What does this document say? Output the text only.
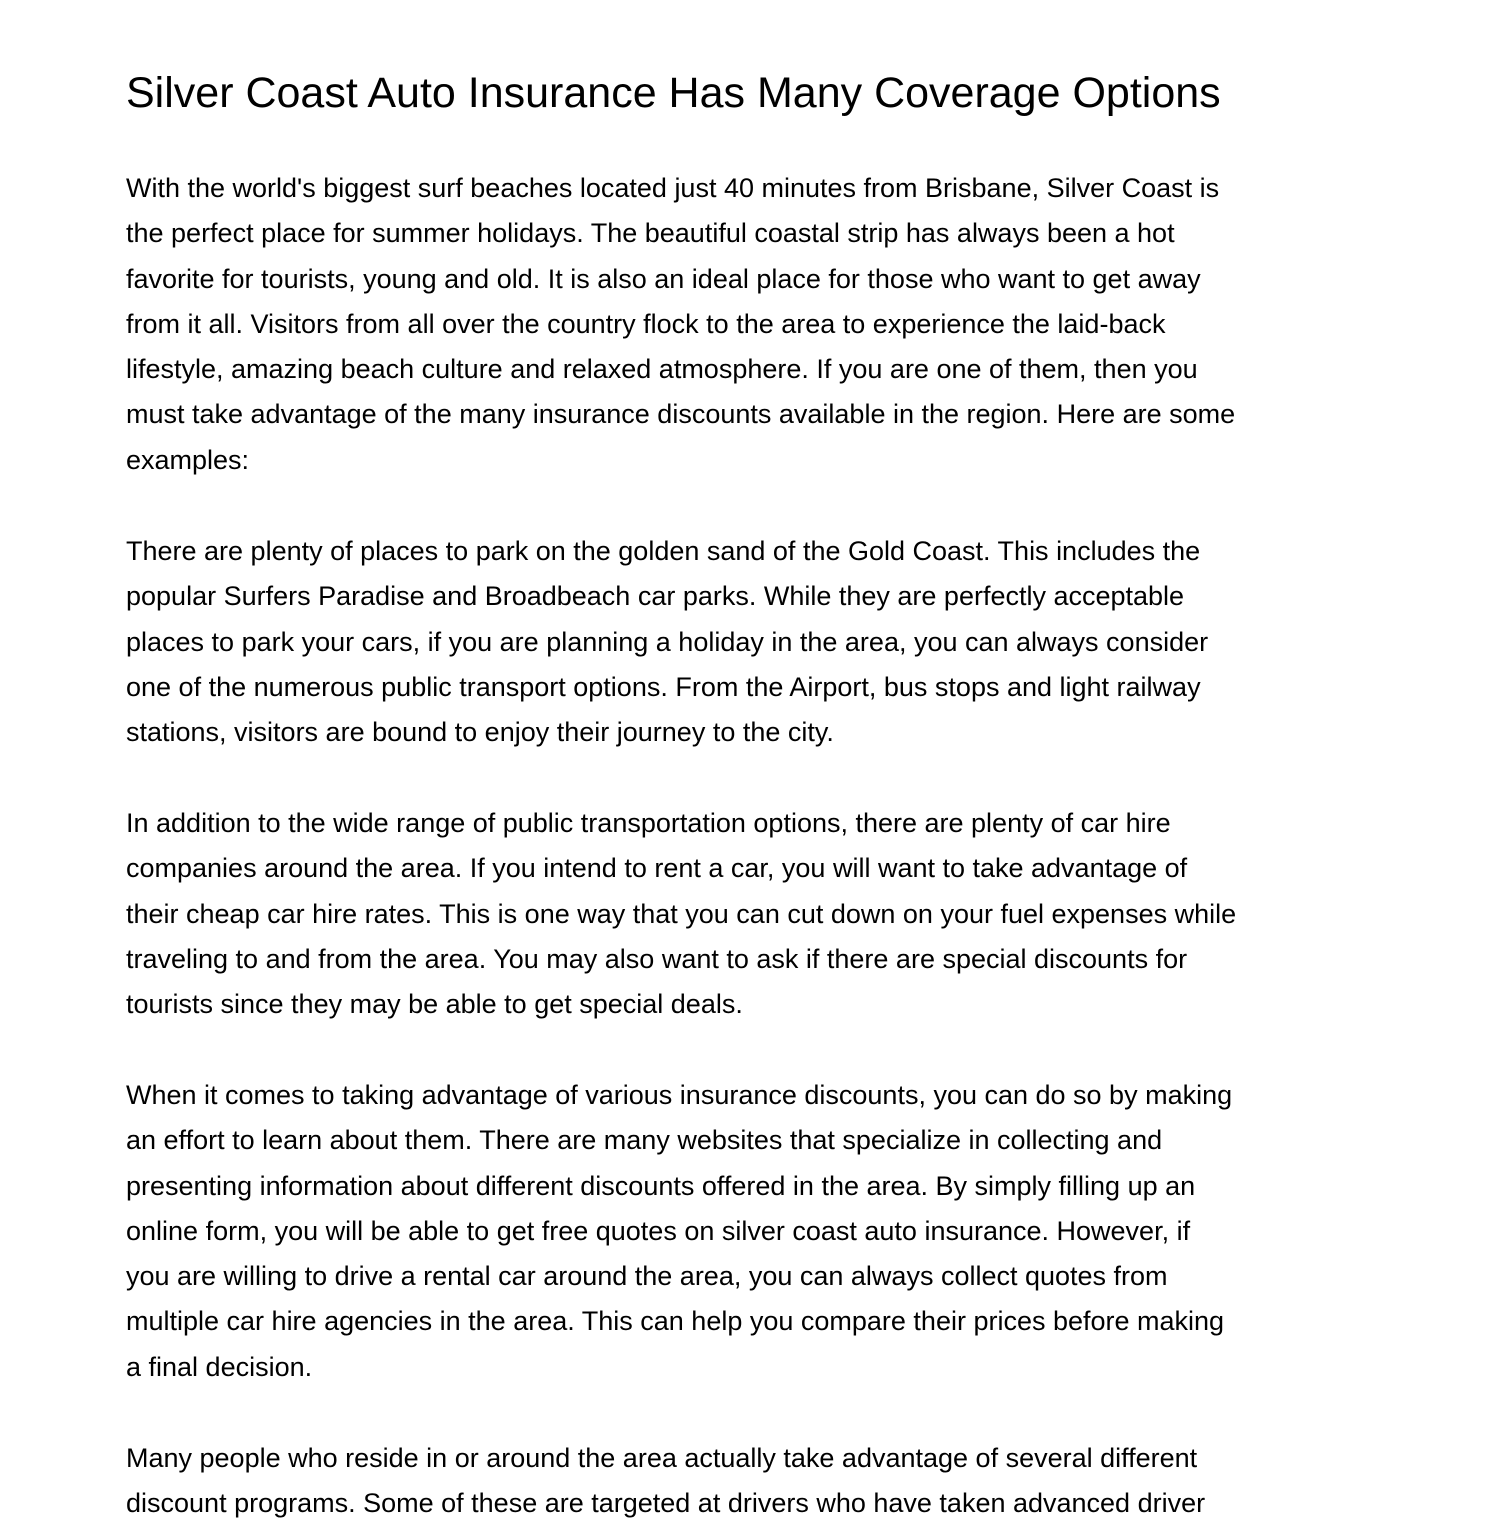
Silver Coast Auto Insurance Has Many Coverage Options

With the world's biggest surf beaches located just 40 minutes from Brisbane, Silver Coast is
the perfect place for summer holidays. The beautiful coastal strip has always been a hot
favorite for tourists, young and old. It is also an ideal place for those who want to get away
from it all. Visitors from all over the country flock to the area to experience the laid-back
lifestyle, amazing beach culture and relaxed atmosphere. If you are one of them, then you
must take advantage of the many insurance discounts available in the region. Here are some
examples:

There are plenty of places to park on the golden sand of the Gold Coast. This includes the
popular Surfers Paradise and Broadbeach car parks. While they are perfectly acceptable
places to park your cars, if you are planning a holiday in the area, you can always consider
one of the numerous public transport options. From the Airport, bus stops and light railway
stations, visitors are bound to enjoy their journey to the city.

In addition to the wide range of public transportation options, there are plenty of car hire
companies around the area. If you intend to rent a car, you will want to take advantage of
their cheap car hire rates. This is one way that you can cut down on your fuel expenses while
traveling to and from the area. You may also want to ask if there are special discounts for
tourists since they may be able to get special deals.

When it comes to taking advantage of various insurance discounts, you can do so by making
an effort to learn about them. There are many websites that specialize in collecting and
presenting information about different discounts offered in the area. By simply filling up an
online form, you will be able to get free quotes on silver coast auto insurance. However, if
you are willing to drive a rental car around the area, you can always collect quotes from
multiple car hire agencies in the area. This can help you compare their prices before making
a final decision.

Many people who reside in or around the area actually take advantage of several different
discount programs. Some of these are targeted at drivers who have taken advanced driver
